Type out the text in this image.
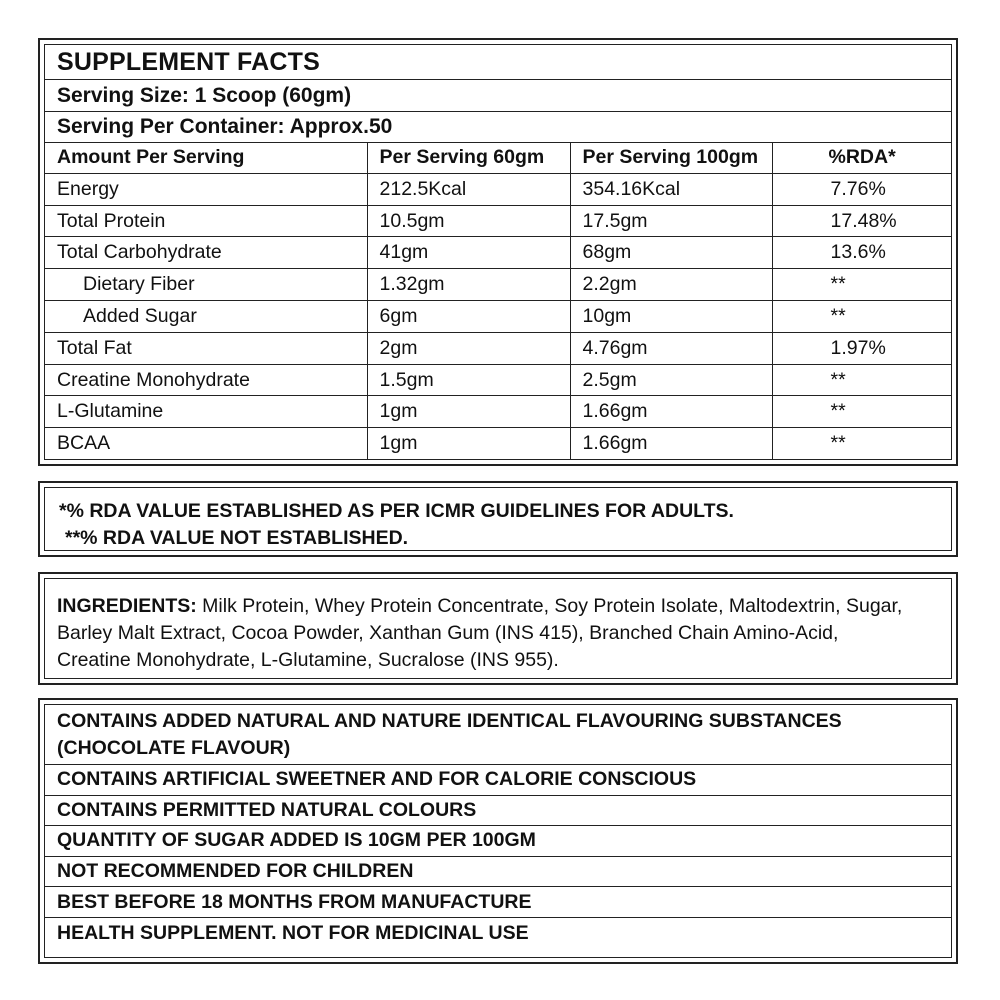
SUPPLEMENT FACTS
Serving Size: 1 Scoop (60gm)
Serving Per Container: Approx.50
Amount Per Serving	Per Serving 60gm	Per Serving 100gm	%RDA*
Energy	212.5Kcal	354.16Kcal	7.76%
Total Protein	10.5gm	17.5gm	17.48%
Total Carbohydrate	41gm	68gm	13.6%
Dietary Fiber	1.32gm	2.2gm	**
Added Sugar	6gm	10gm	**
Total Fat	2gm	4.76gm	1.97%
Creatine Monohydrate	1.5gm	2.5gm	**
L-Glutamine	1gm	1.66gm	**
BCAA	1gm	1.66gm	**
*% RDA VALUE ESTABLISHED AS PER ICMR GUIDELINES FOR ADULTS.
**% RDA VALUE NOT ESTABLISHED.
INGREDIENTS: Milk Protein, Whey Protein Concentrate, Soy Protein Isolate, Maltodextrin, Sugar,
Barley Malt Extract, Cocoa Powder, Xanthan Gum (INS 415), Branched Chain Amino-Acid,
Creatine Monohydrate, L-Glutamine, Sucralose (INS 955).
CONTAINS ADDED NATURAL AND NATURE IDENTICAL FLAVOURING SUBSTANCES
(CHOCOLATE FLAVOUR)
CONTAINS ARTIFICIAL SWEETNER AND FOR CALORIE CONSCIOUS
CONTAINS PERMITTED NATURAL COLOURS
QUANTITY OF SUGAR ADDED IS 10GM PER 100GM
NOT RECOMMENDED FOR CHILDREN
BEST BEFORE 18 MONTHS FROM MANUFACTURE
HEALTH SUPPLEMENT. NOT FOR MEDICINAL USE
